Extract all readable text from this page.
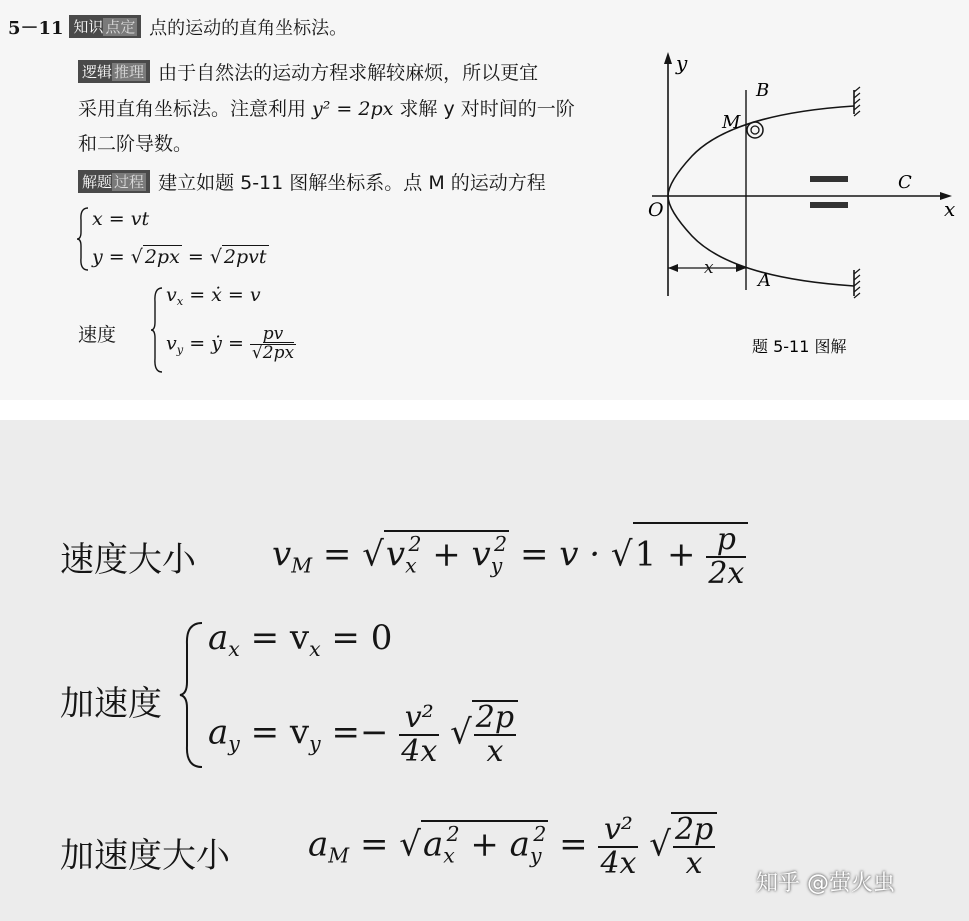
5－11 知识 点定 点的运动的直角坐标法。
逻辑 推理 由于自然法的运动方程求解较麻烦，所以更宜
采用直角坐标法。注意利用 y² = 2px 求解 y 对时间的一阶
和二阶导数。
解题 过程 建立如题 5-11 图解坐标系。点 M 的运动方程
x = vt
y = √ 2px = √ 2pvt
速度
$v_x$ = ẋ = v
$v_y$ = ẏ = $\frac{pv}{√2px}$
y
x
O
B
M
A
C
x
题 5-11 图解
速度大小 $v_M = √v_x^2 + v_y^2 = v \cdot √1 + \frac{p}{2x}$
加速度
$a_x = v_x = 0$
$a_y = v_y =- \frac{\text{v²}}{4x}$ √ $\frac{2p}{x}$
加速度大小 $a_M = √a_x^2 + a_y^2 = \frac{\text{v²}}{4x}$ √ $\frac{2p}{x}$
知乎 @萤火虫
